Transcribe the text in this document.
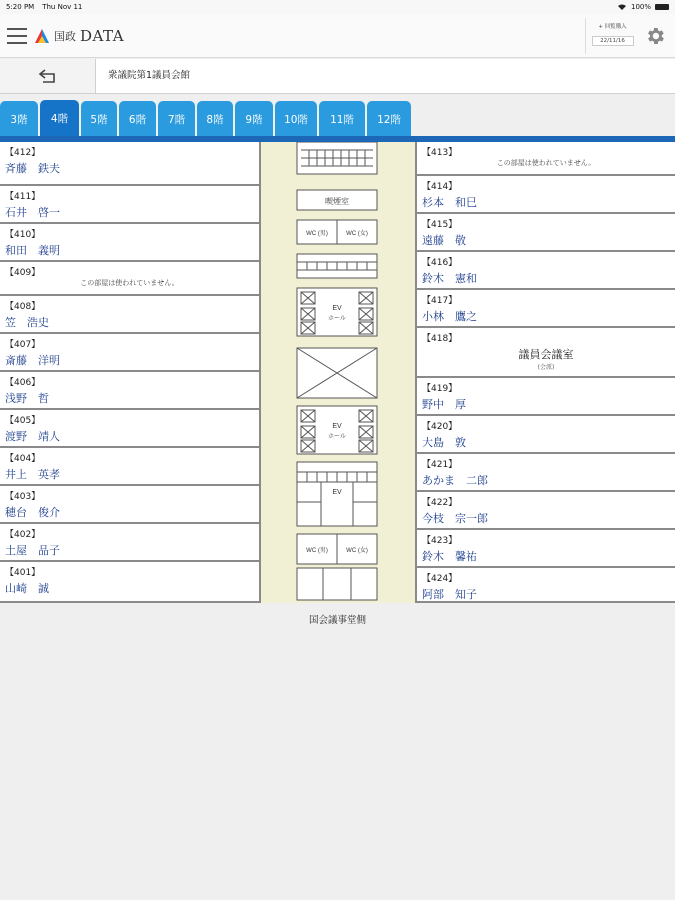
5:20 PM Thu Nov 11	100%
国政 DATA	+ 回覧購入
22/11/16
衆議院第1議員会館
3階	4階	5階	6階	7階	8階	9階	10階	11階	12階
【412】
斉藤　鉄夫
【411】
石井　啓一
【410】
和田　義明
【409】
この部屋は使われていません。
【408】
笠　浩史
【407】
斎藤　洋明
【406】
浅野　哲
【405】
渡野　靖人
【404】
井上　英孝
【403】
穂台　俊介
【402】
土屋　品子
【401】
山崎　誠
喫煙室
WC (男)	WC (女)
EV
ホール
EV
ホール
EV
WC (男)	WC (女)
【413】
この部屋は使われていません。
【414】
杉本　和巳
【415】
遠藤　敬
【416】
鈴木　憲和
【417】
小林　鷹之
【418】
議員会議室
(会派)
【419】
野中　厚
【420】
大島　敦
【421】
あかま　二郎
【422】
今枝　宗一郎
【423】
鈴木　馨祐
【424】
阿部　知子
国会議事堂側
